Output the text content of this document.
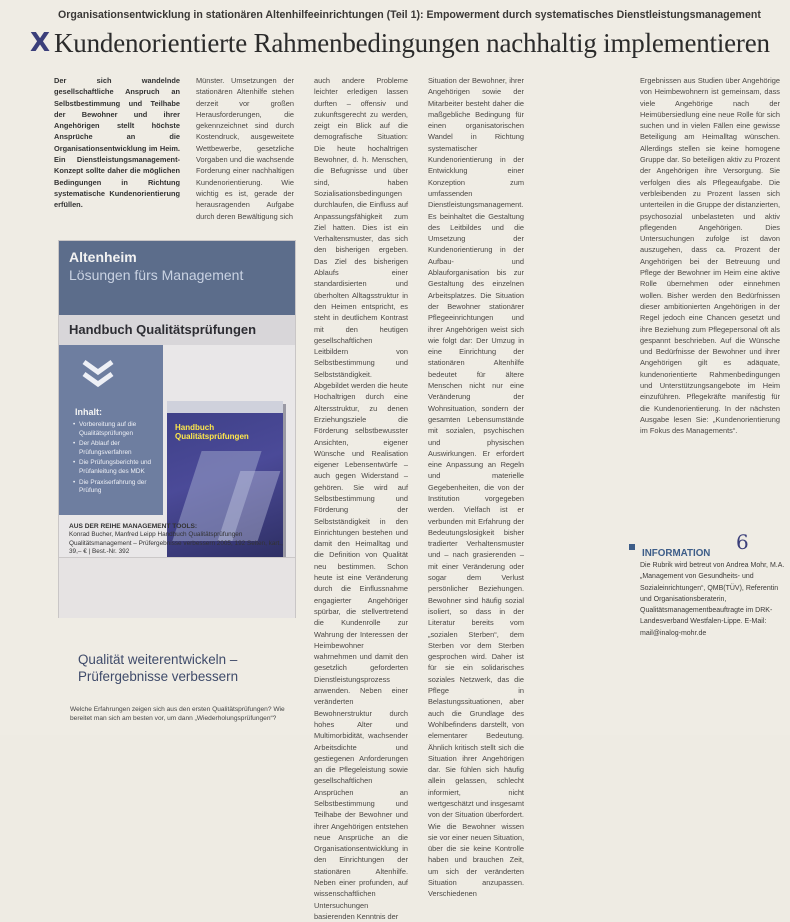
Organisationsentwicklung in stationären Altenhilfeeinrichtungen (Teil 1): Empowerment durch systematisches Dienstleistungsmanagement
X Kundenorientierte Rahmenbedingungen nachhaltig implementieren

Der sich wandelnde gesellschaftliche Anspruch an Selbstbestimmung und Teilhabe der Bewohner und ihrer Angehörigen stellt höchste Ansprüche an die Organisationsentwicklung im Heim. Ein Dienstleistungsmanagement-Konzept sollte daher die möglichen Bedingungen in Richtung systematische Kundenorientierung erfüllen.

Münster. Umsetzungen der stationären Altenhilfe stehen derzeit vor großen Herausforderungen, die gekennzeichnet sind durch Kostendruck, ausgeweitete Wettbewerbe, gesetzliche Vorgaben und die wachsende Forderung einer nachhaltigen Kundenorientierung. Wie wichtig es ist, gerade der herausragenden Aufgabe durch deren Bewältigung sich

auch andere Probleme leichter erledigen lassen durften – offensiv und zukunftsgerecht zu werden, zeigt ein Blick auf die demografische Situation: Die heute hochaltrigen Bewohner, d. h. Menschen, die Befugnisse und über sind, haben Sozialisationsbedingungen durchlaufen, die Einfluss auf Anpassungsfähigkeit zum Ziel hatten. Dies ist ein Verhaltensmuster, das sich den bisherigen ergeben. Das Ziel des bisherigen Ablaufs einer standardisierten und überholten Alltagsstruktur in den Heimen entspricht, es steht in deutlichem Kontrast mit den heutigen gesellschaftlichen Leitbildern von Selbstbestimmung und Selbstständigkeit. Abgebildet werden die heute Hochaltrigen durch eine Altersstruktur, zu denen Erziehungsziele die Förderung selbstbewusster Ansichten, eigener Wünsche und Realisation eigener Lebensentwürfe – auch gegen Widerstand – gehören. Sie wird auf Selbstbestimmung und Förderung der Selbstständigkeit in den Einrichtungen bestehen und damit den Heimalltag und die Definition von Qualität neu bestimmen. Schon heute ist eine Veränderung durch die Einflussnahme engagierter Angehöriger spürbar, die stellvertretend die Kundenrolle zur Wahrung der Interessen der Heimbewohner wahrnehmen und damit den gesetzlich geforderten Dienstleistungsprozess anwenden. Neben einer veränderten Bewohnerstruktur durch hohes Alter und Multimorbidität, wachsender Arbeitsdichte und gestiegenen Anforderungen an die Pflegeleistung sowie gesellschaftlichen Ansprüchen an Selbstbestimmung und Teilhabe der Bewohner und ihrer Angehörigen entstehen neue Ansprüche an die Organisationsentwicklung in den Einrichtungen der stationären Altenhilfe. Neben einer profunden, auf wissenschaftlichen Untersuchungen basierenden Kenntnis der

Situation der Bewohner, ihrer Angehörigen sowie der Mitarbeiter besteht daher die maßgebliche Bedingung für einen organisatorischen Wandel in Richtung systematischer Kundenorientierung in der Entwicklung einer Konzeption zum umfassenden Dienstleistungsmanagement. Es beinhaltet die Gestaltung des Leitbildes und die Umsetzung der Kundenorientierung in der Aufbau- und Ablauforganisation bis zur Gestaltung des einzelnen Arbeitsplatzes. Die Situation der Bewohner stationärer Pflegeeinrichtungen und ihrer Angehörigen weist sich wie folgt dar: Der Umzug in eine Einrichtung der stationären Altenhilfe bedeutet für ältere Menschen nicht nur eine Veränderung der Wohnsituation, sondern der gesamten Lebensumstände mit sozialen, psychischen und physischen Auswirkungen. Er erfordert eine Anpassung an Regeln und materielle Gegebenheiten, die von der Institution vorgegeben werden. Vielfach ist er verbunden mit Erfahrung der Bedeutungslosigkeit bisher tradierter Verhaltensmuster und – nach grasierenden – mit einer Veränderung oder sogar dem Verlust persönlicher Beziehungen. Bewohner sind häufig sozial isoliert, so dass in der Literatur bereits vom „sozialen Sterben“, dem Sterben vor dem Sterben gesprochen wird. Daher ist für sie ein solidarisches soziales Netzwerk, das die Pflege in Belastungssituationen, aber auch die Grundlage des Wohlbefindens darstellt, von elementarer Bedeutung. Ähnlich kritisch stellt sich die Situation ihrer Angehörigen dar. Sie fühlen sich häufig allein gelassen, schlecht informiert, nicht wertgeschätzt und insgesamt von der Situation überfordert. Wie die Bewohner wissen sie vor einer neuen Situation, über die sie keine Kontrolle haben und brauchen Zeit, um sich der veränderten Situation anzupassen. Verschiedenen

Ergebnissen aus Studien über Angehörige von Heimbewohnern ist gemeinsam, dass viele Angehörige nach der Heimübersiedlung eine neue Rolle für sich suchen und in vielen Fällen eine gewisse Beteiligung am Heimalltag wünschen. Allerdings stellen sie keine homogene Gruppe dar. So beteiligen aktiv zu Prozent der Angehörigen ihre Versorgung. Sie verfolgen dies als Pflegeaufgabe. Die verbleibenden zu Prozent lassen sich unterteilen in die Gruppe der distanzierten, psychosozial unbelasteten und aktiv pflegenden Angehörigen. Dies Untersuchungen zufolge ist davon auszugehen, dass ca. Prozent der Angehörigen bei der Betreuung und Pflege der Bewohner im Heim eine aktive Rolle übernehmen oder einnehmen wollen. Bisher werden den Bedürfnissen dieser ambitionierten Angehörigen in der Regel jedoch eine Chancen gesetzt und ihre Beziehung zum Pflegepersonal oft als gespannt beschrieben. Auf die Wünsche und Bedürfnisse der Bewohner und ihrer Angehörigen gilt es adäquate, kundenorientierte Rahmenbedingungen und Unterstützungsangebote im Heim einzuführen. Pflegekräfte manifestig für die Kundenorientierung. In der nächsten Ausgabe lesen Sie: „Kundenorientierung im Fokus des Managements“.

Altenheim
Lösungen fürs Management
Handbuch Qualitätsprüfungen
Inhalt:
• Vorbereitung auf die Qualitätsprüfungen
• Der Ablauf der Prüfungsverfahren
• Die Prüfungsberichte und Prüfanleitung des MDK
• Die Praxiserfahrung der Prüfung
Handbuch Qualitätsprüfungen
AUS DER REIHE MANAGEMENT TOOLS:
Konrad Bucher, Manfred Leipp Handbuch Qualitätsprüfungen Qualitätsmanagement – Prüfergebnisse verbessern 2005, 192 Seiten, kart., 39,– € | Best.-Nr. 392
Qualität weiterentwickeln –
Prüfergebnisse verbessern
Welche Erfahrungen zeigen sich aus den ersten Qualitätsprüfungen? Wie bereitet man sich am besten vor, um dann „Wiederholungsprüfungen“?
6
INFORMATION
Die Rubrik wird betreut von Andrea Mohr, M.A. „Management von Gesundheits- und Sozialeinrichtungen“, QMB(TÜV), Referentin und Organisationsberaterin, Qualitätsmanagementbeauftragte im DRK-Landesverband Westfalen-Lippe. E-Mail: mail@inalog-mohr.de
